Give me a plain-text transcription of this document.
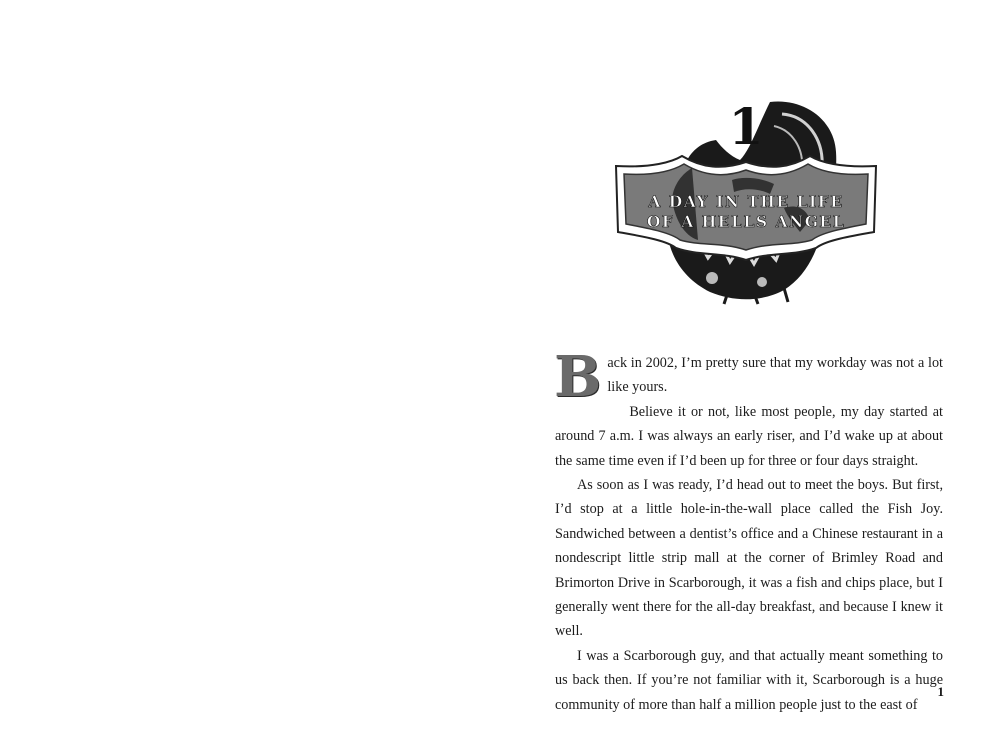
1
A DAY IN THE LIFE
OF A HELLS ANGEL

Back in 2002, I’m pretty sure that my workday was not a lot like yours.

Believe it or not, like most people, my day started at around 7 a.m. I was always an early riser, and I’d wake up at about the same time even if I’d been up for three or four days straight.

As soon as I was ready, I’d head out to meet the boys. But first, I’d stop at a little hole-in-the-wall place called the Fish Joy. Sandwiched between a dentist’s office and a Chinese restaurant in a nondescript little strip mall at the corner of Brimley Road and Brimorton Drive in Scarborough, it was a fish and chips place, but I generally went there for the all-day breakfast, and because I knew it well.

I was a Scarborough guy, and that actually meant something to us back then. If you’re not familiar with it, Scarborough is a huge community of more than half a million people just to the east of

1
